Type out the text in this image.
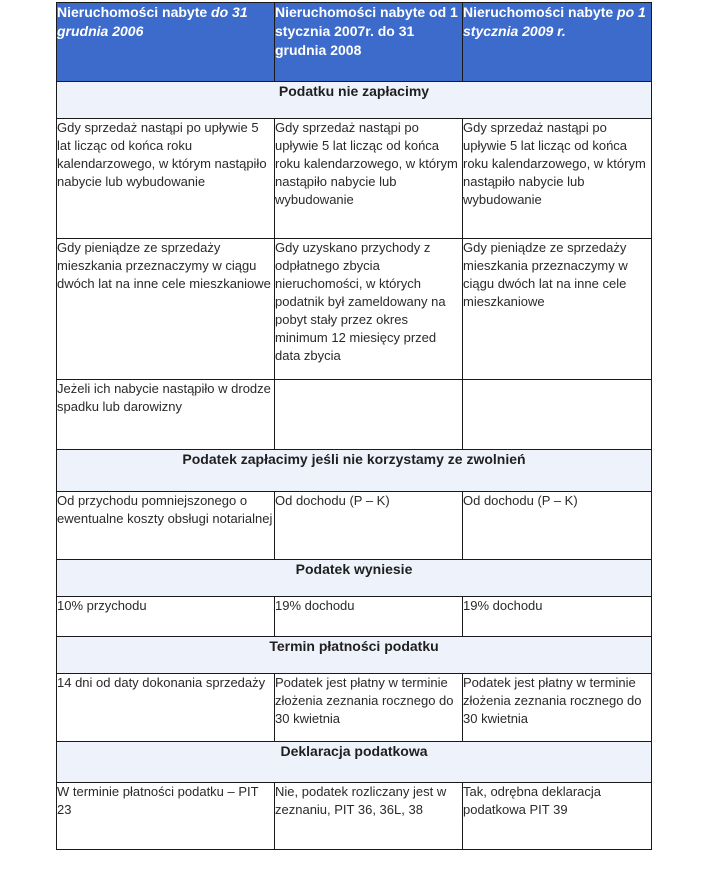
Nieruchomości nabyte do 31 grudnia 2006	Nieruchomości nabyte od 1 stycznia 2007r. do 31 grudnia 2008	Nieruchomości nabyte po 1 stycznia 2009 r.
Podatku nie zapłacimy		
Gdy sprzedaż nastąpi po upływie 5 lat licząc od końca roku kalendarzowego, w którym nastąpiło nabycie lub wybudowanie	Gdy sprzedaż nastąpi po upływie 5 lat licząc od końca roku kalendarzowego, w którym nastąpiło nabycie lub wybudowanie	Gdy sprzedaż nastąpi po upływie 5 lat licząc od końca roku kalendarzowego, w którym nastąpiło nabycie lub wybudowanie
Gdy pieniądze ze sprzedaży mieszkania przeznaczymy w ciągu dwóch lat na inne cele mieszkaniowe	Gdy uzyskano przychody z odpłatnego zbycia nieruchomości, w których podatnik był zameldowany na pobyt stały przez okres minimum 12 miesięcy przed data zbycia	Gdy pieniądze ze sprzedaży mieszkania przeznaczymy w ciągu dwóch lat na inne cele mieszkaniowe
Jeżeli ich nabycie nastąpiło w drodze spadku lub darowizny		
Podatek zapłacimy jeśli nie korzystamy ze zwolnień		
Od przychodu pomniejszonego o ewentualne koszty obsługi notarialnej	Od dochodu (P – K)	Od dochodu (P – K)
Podatek wyniesie		
10% przychodu	19% dochodu	19% dochodu
Termin płatności podatku		
14 dni od daty dokonania sprzedaży	Podatek jest płatny w terminie złożenia zeznania rocznego do 30 kwietnia	Podatek jest płatny w terminie złożenia zeznania rocznego do 30 kwietnia
Deklaracja podatkowa		
W terminie płatności podatku – PIT 23	Nie, podatek rozliczany jest w zeznaniu, PIT 36, 36L, 38	Tak, odrębna deklaracja podatkowa PIT 39
